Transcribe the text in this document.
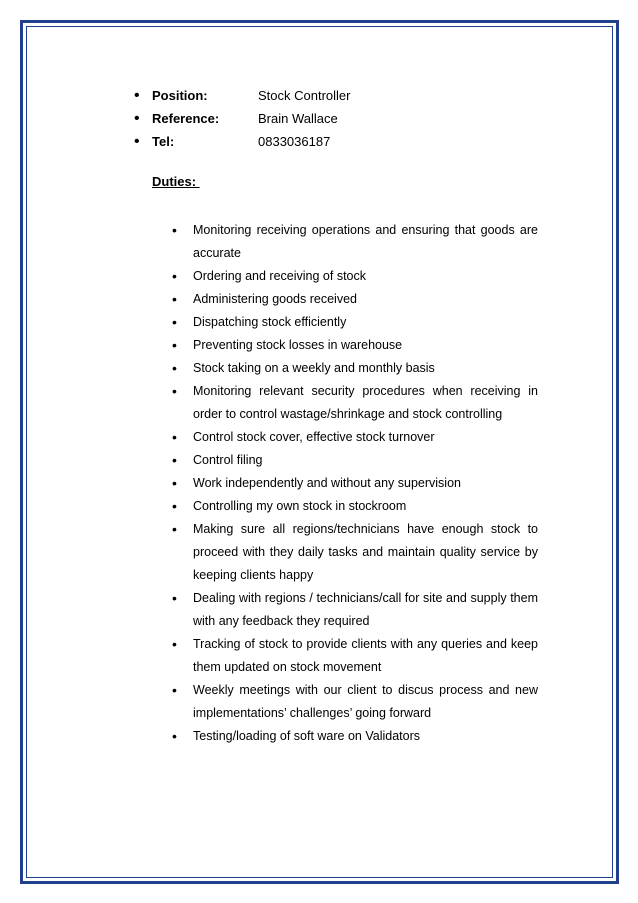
• Position:	Stock Controller
• Reference:	Brain Wallace
• Tel:	0833036187
Duties:
• Monitoring receiving operations and ensuring that goods are accurate
• Ordering and receiving of stock
• Administering goods received
• Dispatching stock efficiently
• Preventing stock losses in warehouse
• Stock taking on a weekly and monthly basis
• Monitoring relevant security procedures when receiving in order to control wastage/shrinkage and stock controlling
• Control stock cover, effective stock turnover
• Control filing
• Work independently and without any supervision
• Controlling my own stock in stockroom
• Making sure all regions/technicians have enough stock to proceed with they daily tasks and maintain quality service by keeping clients happy
• Dealing with regions / technicians/call for site and supply them with any feedback they required
• Tracking of stock to provide clients with any queries and keep them updated on stock movement
• Weekly meetings with our client to discus process and new implementations’ challenges’ going forward
• Testing/loading of soft ware on Validators
